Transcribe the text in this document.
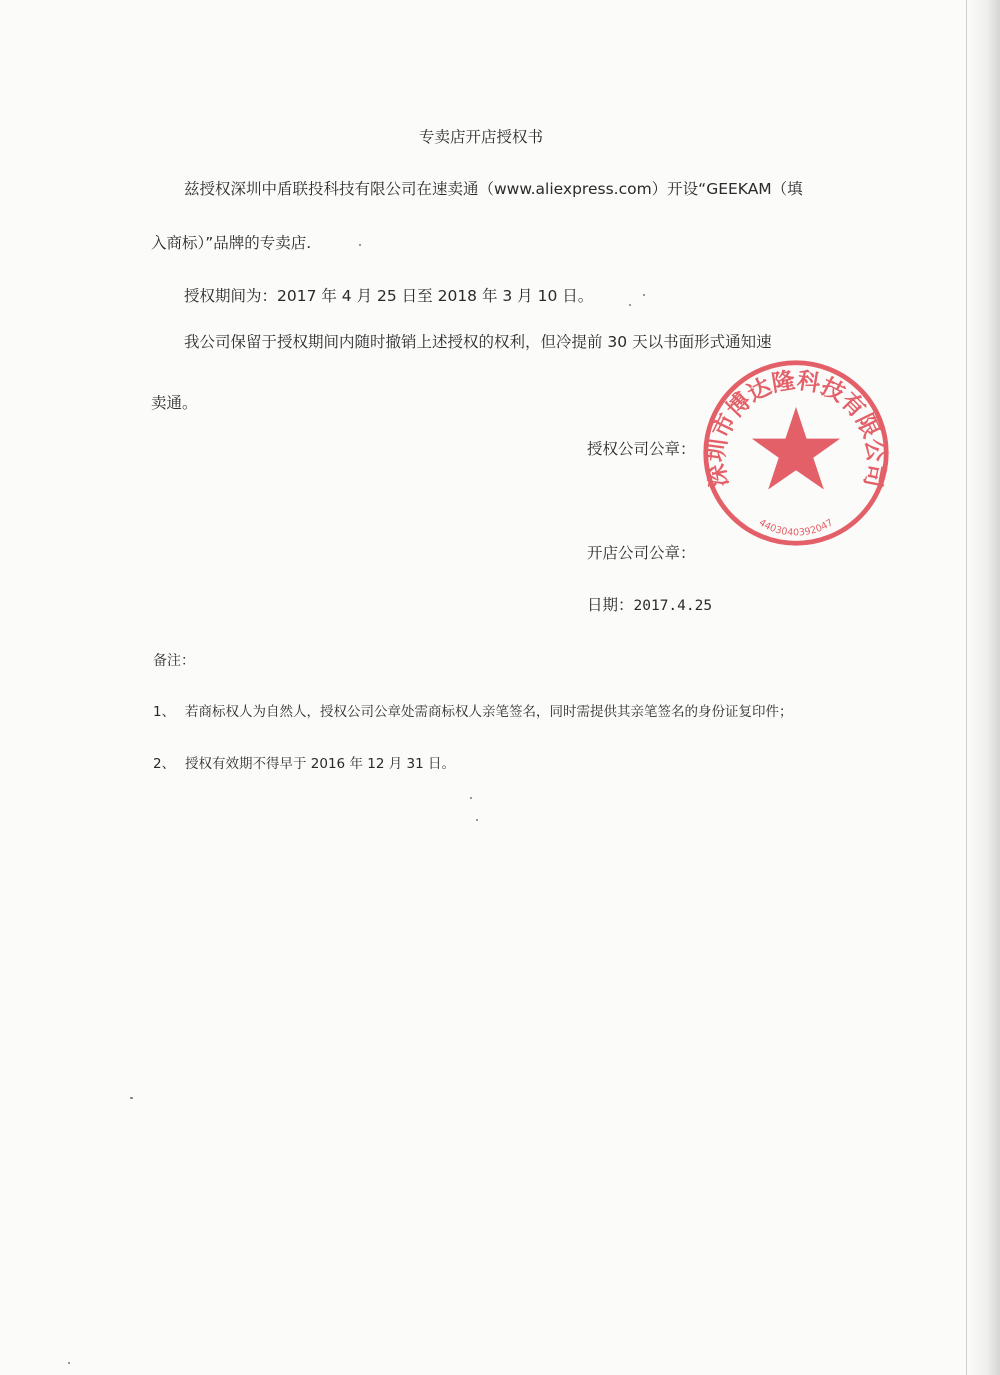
专卖店开店授权书
兹授权深圳中盾联投科技有限公司在速卖通（www.aliexpress.com）开设“GEEKAM（填
入商标）”品牌的专卖店.
授权期间为：2017 年 4 月 25 日至 2018 年 3 月 10 日。
我公司保留于授权期间内随时撤销上述授权的权利，但冷提前 30 天以书面形式通知速
卖通。
授权公司公章：
深圳市博达隆科技有限公司
4403040392047
开店公司公章：
日期：2017.4.25
备注：
1、 若商标权人为自然人，授权公司公章处需商标权人亲笔签名，同时需提供其亲笔签名的身份证复印件；
2、 授权有效期不得早于 2016 年 12 月 31 日。
